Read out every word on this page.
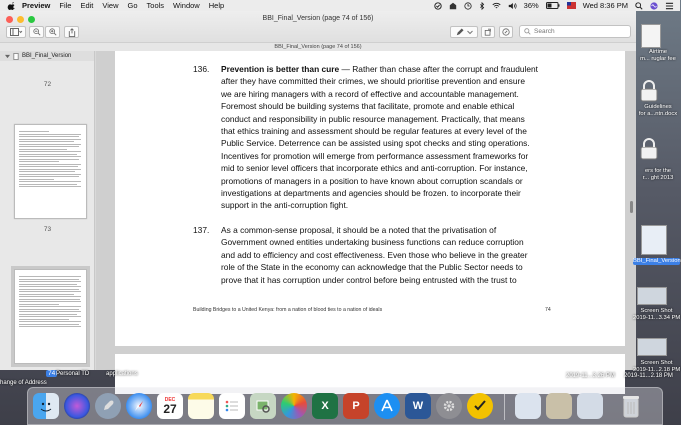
Preview File Edit View Go Tools Window Help	36%	Wed 8:36 PM
BBI_Final_Version (page 74 of 156)
Search
BBI_Final_Version (page 74 of 156)
BBI_Final_Version
72
73
74
136. Prevention is better than cure — Rather than chase after the corrupt and fraudulent
after they have committed their crimes, we should prioritise prevention and ensure
we are hiring managers with a record of effective and accountable management.
Foremost should be building systems that facilitate, promote and enable ethical
conduct and responsibility in public resource management. Practically, that means
that ethics training and assessment should be regular features at every level of the
Public Service. Deterrence can be assisted using spot checks and sting operations.
Incentives for promotion will emerge from performance assessment frameworks for
mid to senior level officers that incorporate ethics and anti-corruption. For instance,
promotions of managers in a position to have known about corruption scandals or
investigations at departments and agencies should be frozen. to incorporate their
support in the anti-corruption fight.
137. As a common-sense proposal, it should be a noted that the privatisation of
Government owned entities undertaking business functions can reduce corruption
and add to efficiency and cost effectiveness. Even those who believe in the greater
role of the State in the economy can acknowledge that the Public Sector needs to
prove that it has corruption under control before being entrusted with the trust to
Building Bridges to a United Kenya: from a nation of blood ties to a nation of ideals	74
Airtime
m... ruglar fee
Guidelines
for a...ntn.docx
ers for the
r... ght 2013
BBI_Final_Version
Screen Shot
2019-11...3.34 PM
Screen Shot
2019-11...2.18 PM
hange of Address
Personal TD	applications	2019-11...3.26 PM 2019-11...2.18 PM
DEC
27	X	P	W
